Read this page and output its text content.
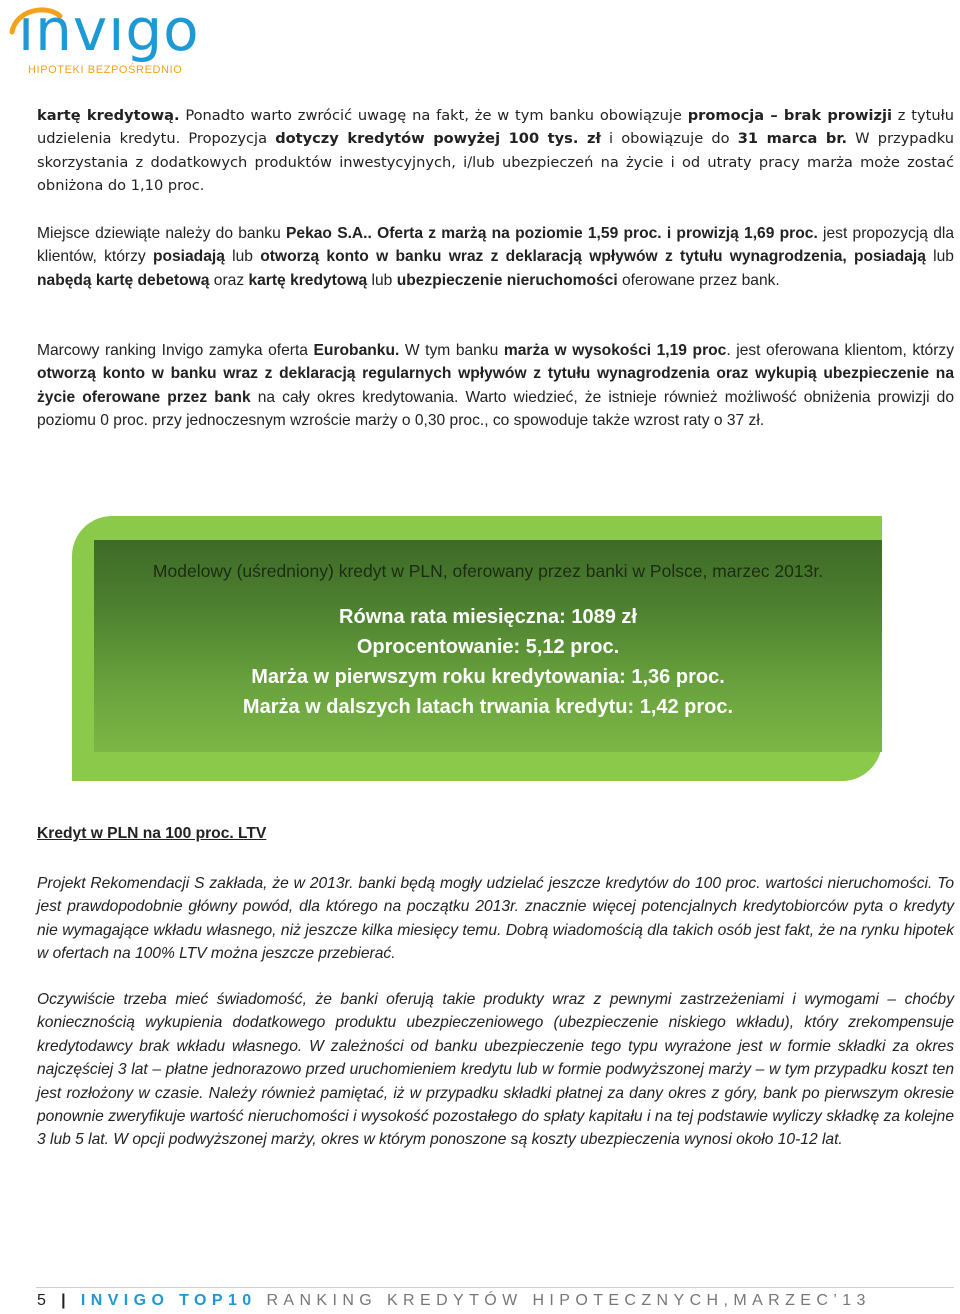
ınvıgo
HIPOTEKI BEZPOŚREDNIO

kartę kredytową. Ponadto warto zwrócić uwagę na fakt, że w tym banku obowiązuje promocja – brak prowizji z tytułu udzielenia kredytu. Propozycja dotyczy kredytów powyżej 100 tys. zł i obowiązuje do 31 marca br. W przypadku skorzystania z dodatkowych produktów inwestycyjnych, i/lub ubezpieczeń na życie i od utraty pracy marża może zostać obniżona do 1,10 proc.

Miejsce dziewiąte należy do banku Pekao S.A.. Oferta z marżą na poziomie 1,59 proc. i prowizją 1,69 proc. jest propozycją dla klientów, którzy posiadają lub otworzą konto w banku wraz z deklaracją wpływów z tytułu wynagrodzenia, posiadają lub nabędą kartę debetową oraz kartę kredytową lub ubezpieczenie nieruchomości oferowane przez bank.

Marcowy ranking Invigo zamyka oferta Eurobanku. W tym banku marża w wysokości 1,19 proc. jest oferowana klientom, którzy otworzą konto w banku wraz z deklaracją regularnych wpływów z tytułu wynagrodzenia oraz wykupią ubezpieczenie na życie oferowane przez bank na cały okres kredytowania. Warto wiedzieć, że istnieje również możliwość obniżenia prowizji do poziomu 0 proc. przy jednoczesnym wzroście marży o 0,30 proc., co spowoduje także wzrost raty o 37 zł.

Modelowy (uśredniony) kredyt w PLN, oferowany przez banki w Polsce, marzec 2013r.
Równa rata miesięczna: 1089 zł
Oprocentowanie: 5,12 proc.
Marża w pierwszym roku kredytowania: 1,36 proc.
Marża w dalszych latach trwania kredytu: 1,42 proc.

Kredyt w PLN na 100 proc. LTV

Projekt Rekomendacji S zakłada, że w 2013r. banki będą mogły udzielać jeszcze kredytów do 100 proc. wartości nieruchomości. To jest prawdopodobnie główny powód, dla którego na początku 2013r. znacznie więcej potencjalnych kredytobiorców pyta o kredyty nie wymagające wkładu własnego, niż jeszcze kilka miesięcy temu. Dobrą wiadomością dla takich osób jest fakt, że na rynku hipotek w ofertach na 100% LTV można jeszcze przebierać.

Oczywiście trzeba mieć świadomość, że banki oferują takie produkty wraz z pewnymi zastrzeżeniami i wymogami – choćby koniecznością wykupienia dodatkowego produktu ubezpieczeniowego (ubezpieczenie niskiego wkładu), który zrekompensuje kredytodawcy brak wkładu własnego. W zależności od banku ubezpieczenie tego typu wyrażone jest w formie składki za okres najczęściej 3 lat – płatne jednorazowo przed uruchomieniem kredytu lub w formie podwyższonej marży – w tym przypadku koszt ten jest rozłożony w czasie. Należy również pamiętać, iż w przypadku składki płatnej za dany okres z góry, bank po pierwszym okresie ponownie zweryfikuje wartość nieruchomości i wysokość pozostałego do spłaty kapitału i na tej podstawie wyliczy składkę za kolejne 3 lub 5 lat. W opcji podwyższonej marży, okres w którym ponoszone są koszty ubezpieczenia wynosi około 10-12 lat.

5 | INVIGO TOP10 RANKING KREDYTÓW HIPOTECZNYCH,MARZEC’13
